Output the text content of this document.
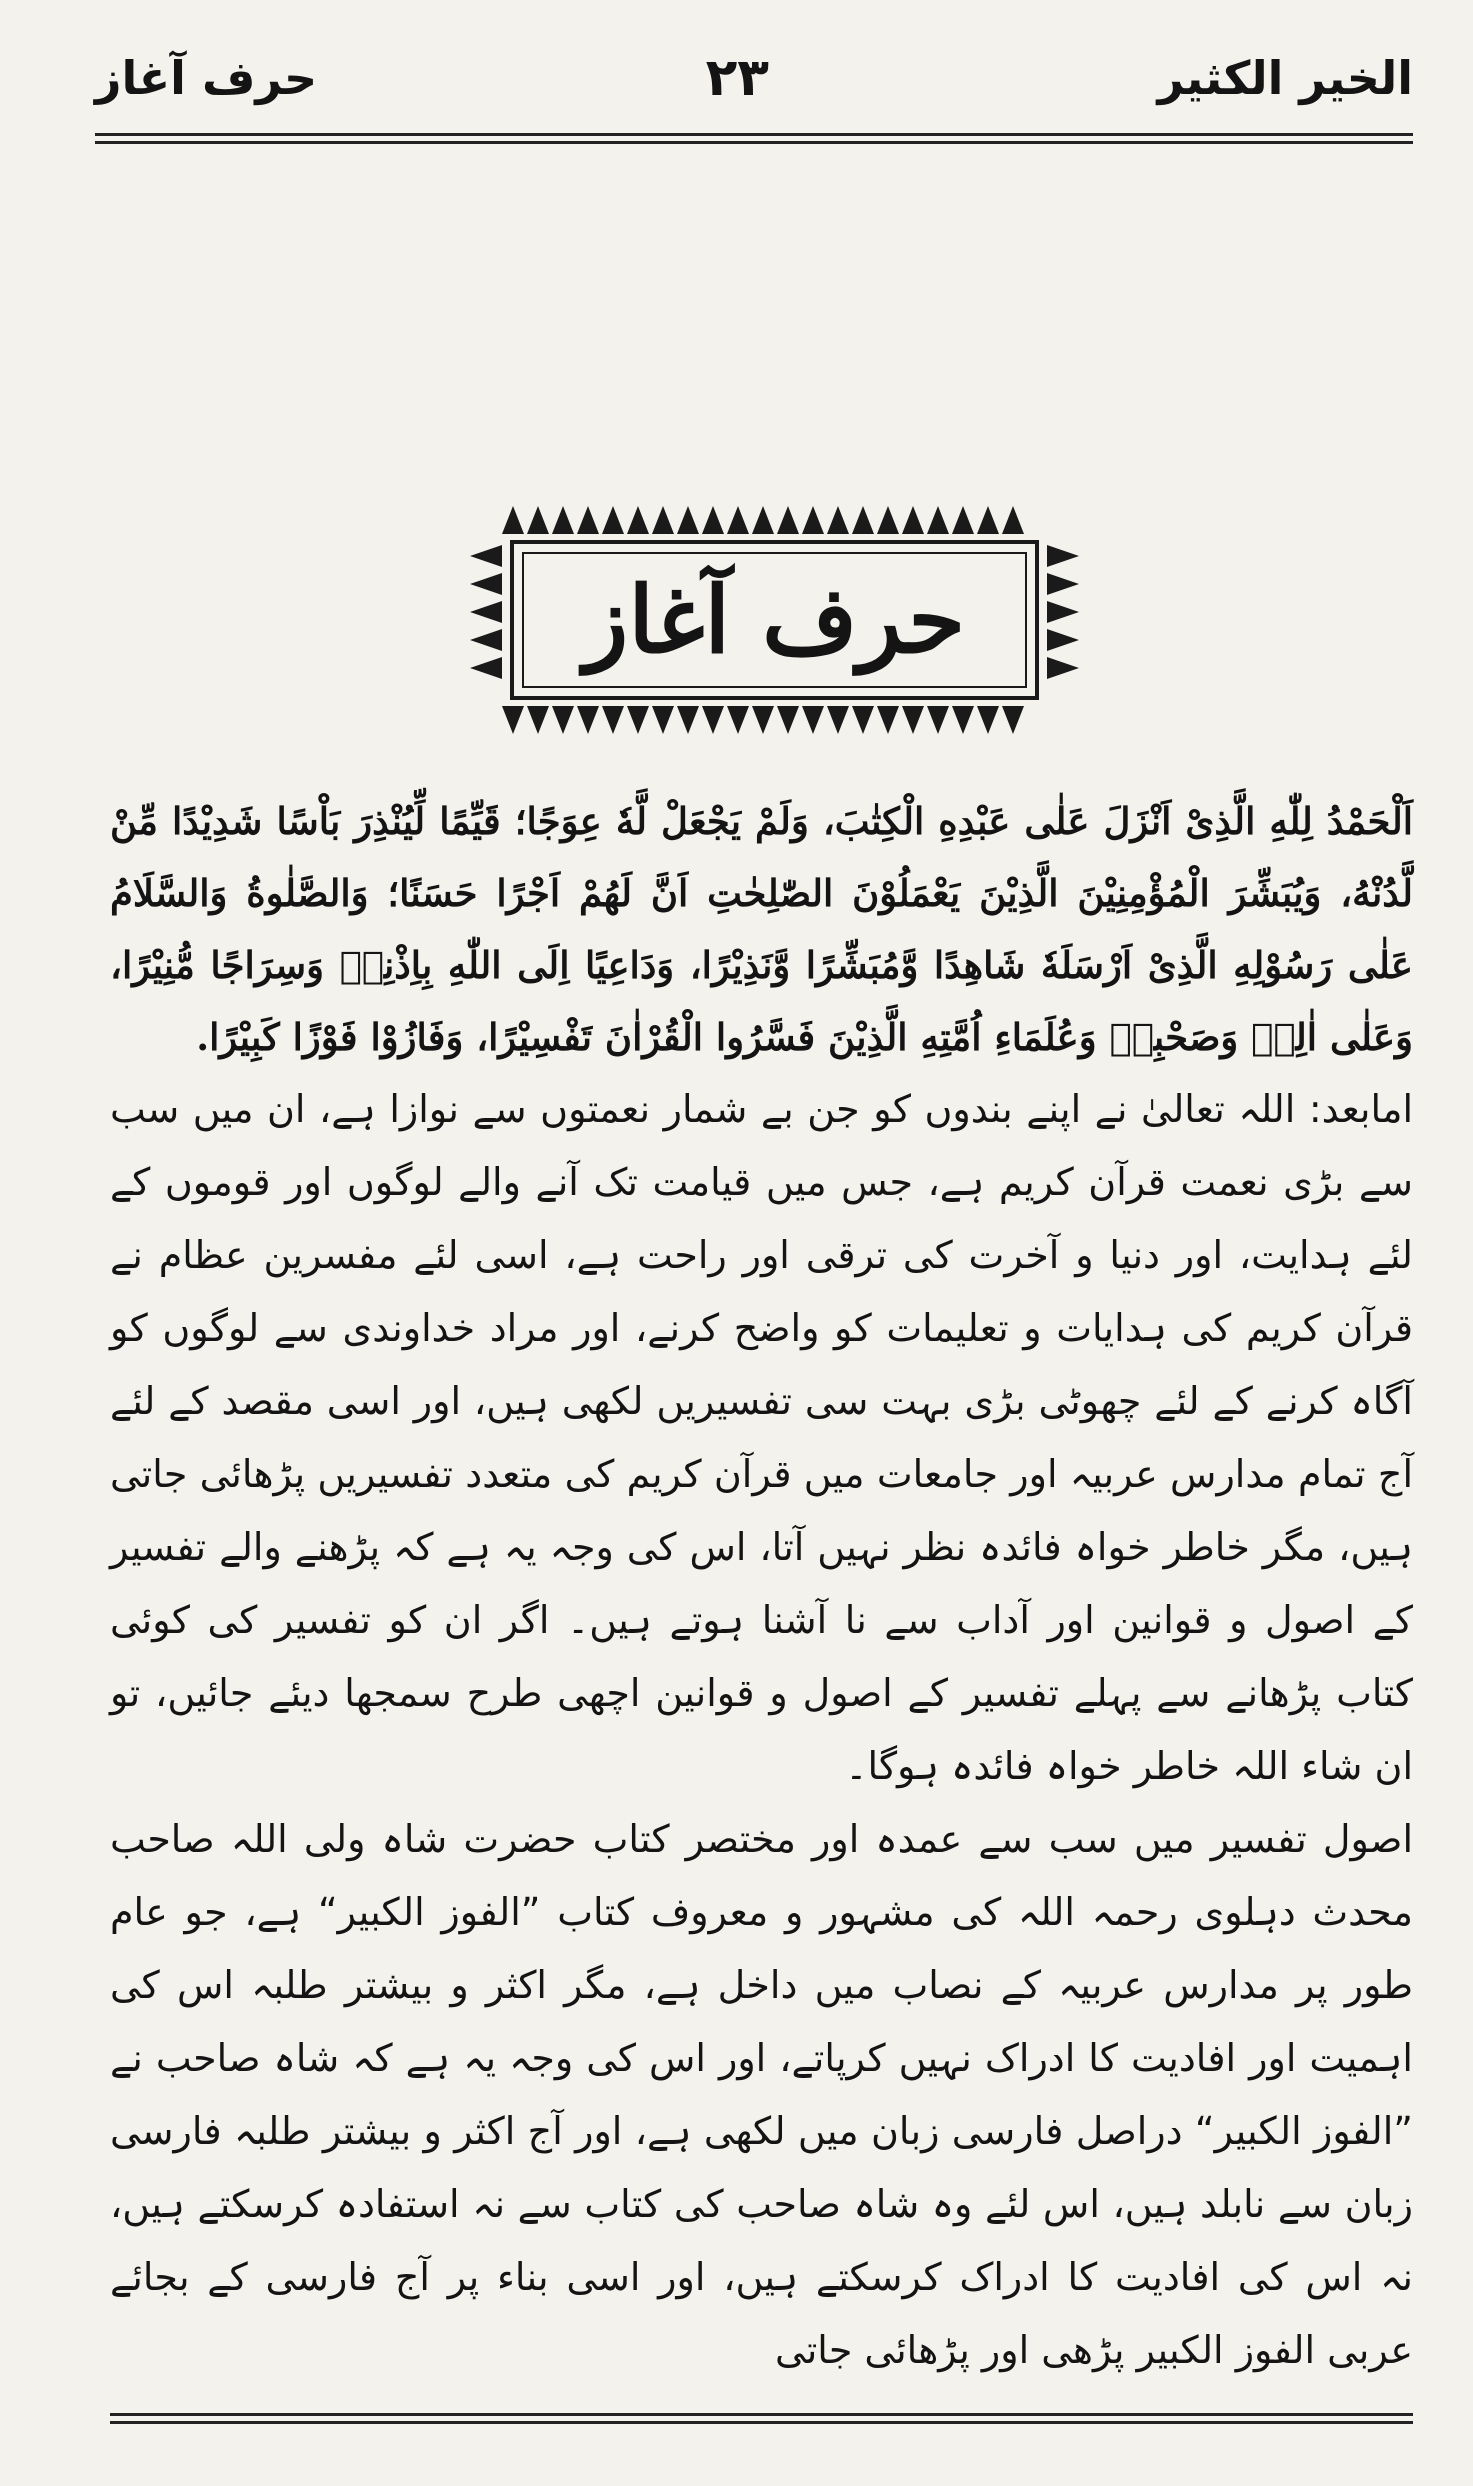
الخیر الکثیر
۲۳
حرف آغاز
حرف آغاز

اَلْحَمْدُ لِلّٰهِ الَّذِیْ اَنْزَلَ عَلٰی عَبْدِهِ الْكِتٰبَ، وَلَمْ يَجْعَلْ لَّهٗ عِوَجًا؛ قَيِّمًا لِّيُنْذِرَ بَاْسًا شَدِيْدًا مِّنْ لَّدُنْهُ، وَيُبَشِّرَ الْمُؤْمِنِيْنَ الَّذِيْنَ يَعْمَلُوْنَ الصّٰلِحٰتِ اَنَّ لَهُمْ اَجْرًا حَسَنًا؛ وَالصَّلٰوةُ وَالسَّلَامُ عَلٰی رَسُوْلِهِ الَّذِیْ اَرْسَلَهٗ شَاهِدًا وَّمُبَشِّرًا وَّنَذِيْرًا، وَدَاعِيًا اِلَى اللّٰهِ بِاِذْنِهٖ وَسِرَاجًا مُّنِيْرًا، وَعَلٰی اٰلِهٖ وَصَحْبِهٖ وَعُلَمَاءِ اُمَّتِهِ الَّذِيْنَ فَسَّرُوا الْقُرْاٰنَ تَفْسِيْرًا، وَفَازُوْا فَوْزًا كَبِيْرًا.

امابعد: اللہ تعالیٰ نے اپنے بندوں کو جن بے شمار نعمتوں سے نوازا ہے، ان میں سب سے بڑی نعمت قرآن کریم ہے، جس میں قیامت تک آنے والے لوگوں اور قوموں کے لئے ہدایت، اور دنیا و آخرت کی ترقی اور راحت ہے، اسی لئے مفسرین عظام نے قرآن کریم کی ہدایات و تعلیمات کو واضح کرنے، اور مراد خداوندی سے لوگوں کو آگاہ کرنے کے لئے چھوٹی بڑی بہت سی تفسیریں لکھی ہیں، اور اسی مقصد کے لئے آج تمام مدارس عربیہ اور جامعات میں قرآن کریم کی متعدد تفسیریں پڑھائی جاتی ہیں، مگر خاطر خواہ فائدہ نظر نہیں آتا، اس کی وجہ یہ ہے کہ پڑھنے والے تفسیر کے اصول و قوانین اور آداب سے نا آشنا ہوتے ہیں۔ اگر ان کو تفسیر کی کوئی کتاب پڑھانے سے پہلے تفسیر کے اصول و قوانین اچھی طرح سمجھا دیئے جائیں، تو ان شاء اللہ خاطر خواہ فائدہ ہوگا۔

اصول تفسیر میں سب سے عمدہ اور مختصر کتاب حضرت شاہ ولی اللہ صاحب محدث دہلوی رحمہ اللہ کی مشہور و معروف کتاب ”الفوز الکبیر“ ہے، جو عام طور پر مدارس عربیہ کے نصاب میں داخل ہے، مگر اکثر و بیشتر طلبہ اس کی اہمیت اور افادیت کا ادراک نہیں کرپاتے، اور اس کی وجہ یہ ہے کہ شاہ صاحب نے ”الفوز الکبیر“ دراصل فارسی زبان میں لکھی ہے، اور آج اکثر و بیشتر طلبہ فارسی زبان سے نابلد ہیں، اس لئے وہ شاہ صاحب کی کتاب سے نہ استفادہ کرسکتے ہیں، نہ اس کی افادیت کا ادراک کرسکتے ہیں، اور اسی بناء پر آج فارسی کے بجائے عربی الفوز الکبیر پڑھی اور پڑھائی جاتی
